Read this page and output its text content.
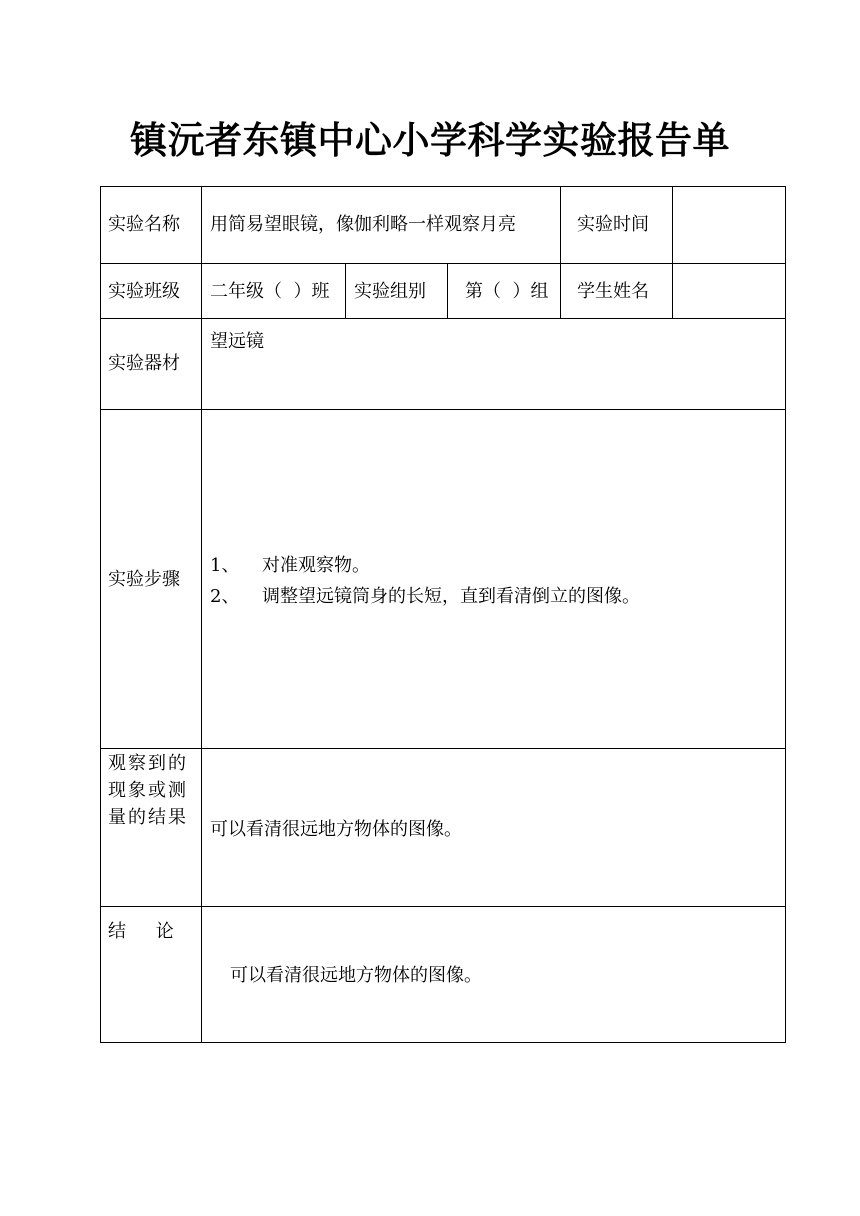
镇沅者东镇中心小学科学实验报告单
实验名称 用简易望眼镜，像伽利略一样观察月亮	实验时间
实验班级 二年级（  ）班 实验组别 第（  ）组 学生姓名
实验器材
望远镜
实验步骤
1、 对准观察物。
2、 调整望远镜筒身的长短，直到看清倒立的图像。
观察到的现象或测量的结果
可以看清很远地方物体的图像。
结 论
可以看清很远地方物体的图像。
